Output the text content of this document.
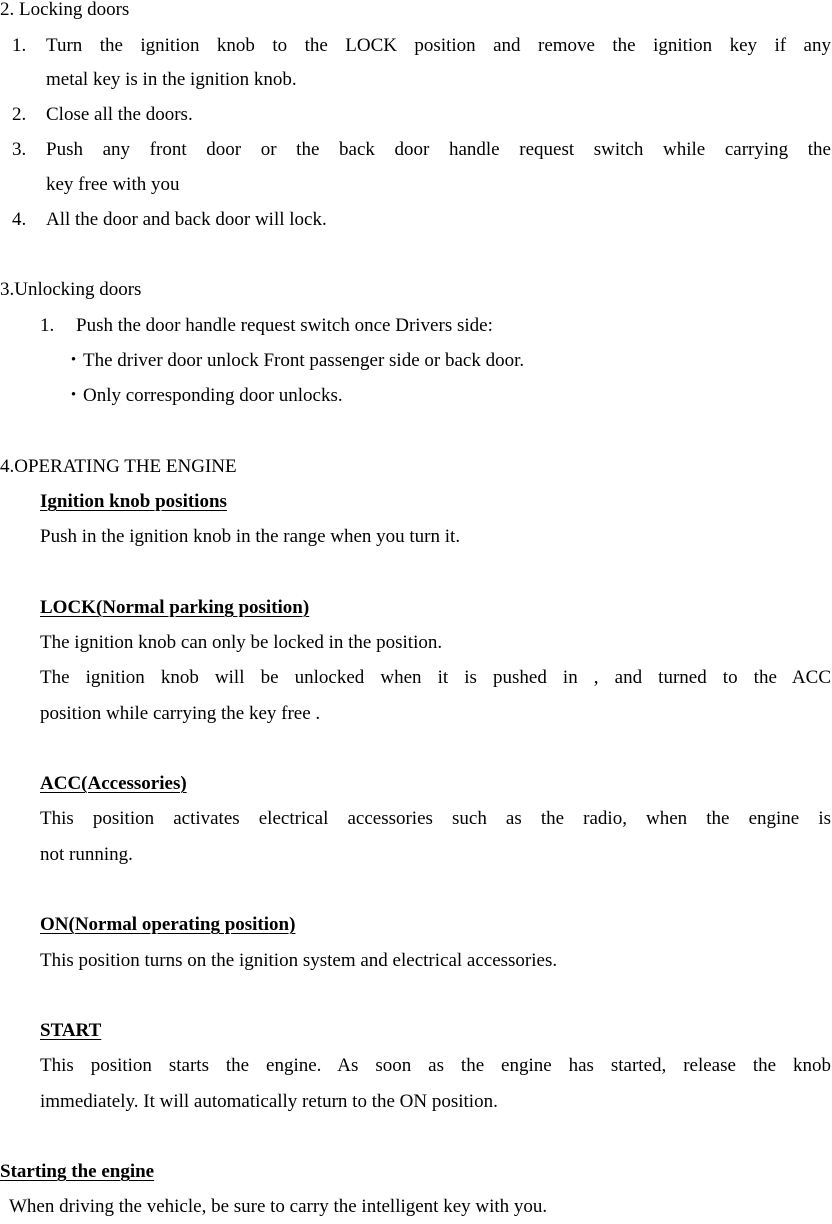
2. Locking doors
1. Turn the ignition knob to the LOCK position and remove the ignition key if any
metal key is in the ignition knob.
2. Close all the doors.
3. Push any front door or the back door handle request switch while carrying the
key free with you
4. All the door and back door will lock.
3.Unlocking doors
1. Push the door handle request switch once Drivers side:
・The driver door unlock Front passenger side or back door.
・Only corresponding door unlocks.
4.OPERATING THE ENGINE
Ignition knob positions
Push in the ignition knob in the range when you turn it.
LOCK(Normal parking position)
The ignition knob can only be locked in the position.
The ignition knob will be unlocked when it is pushed in , and turned to the ACC
position while carrying the key free .
ACC(Accessories)
This position activates electrical accessories such as the radio, when the engine is
not running.
ON(Normal operating position)
This position turns on the ignition system and electrical accessories.
START
This position starts the engine. As soon as the engine has started, release the knob
immediately. It will automatically return to the ON position.
Starting the engine
When driving the vehicle, be sure to carry the intelligent key with you.
